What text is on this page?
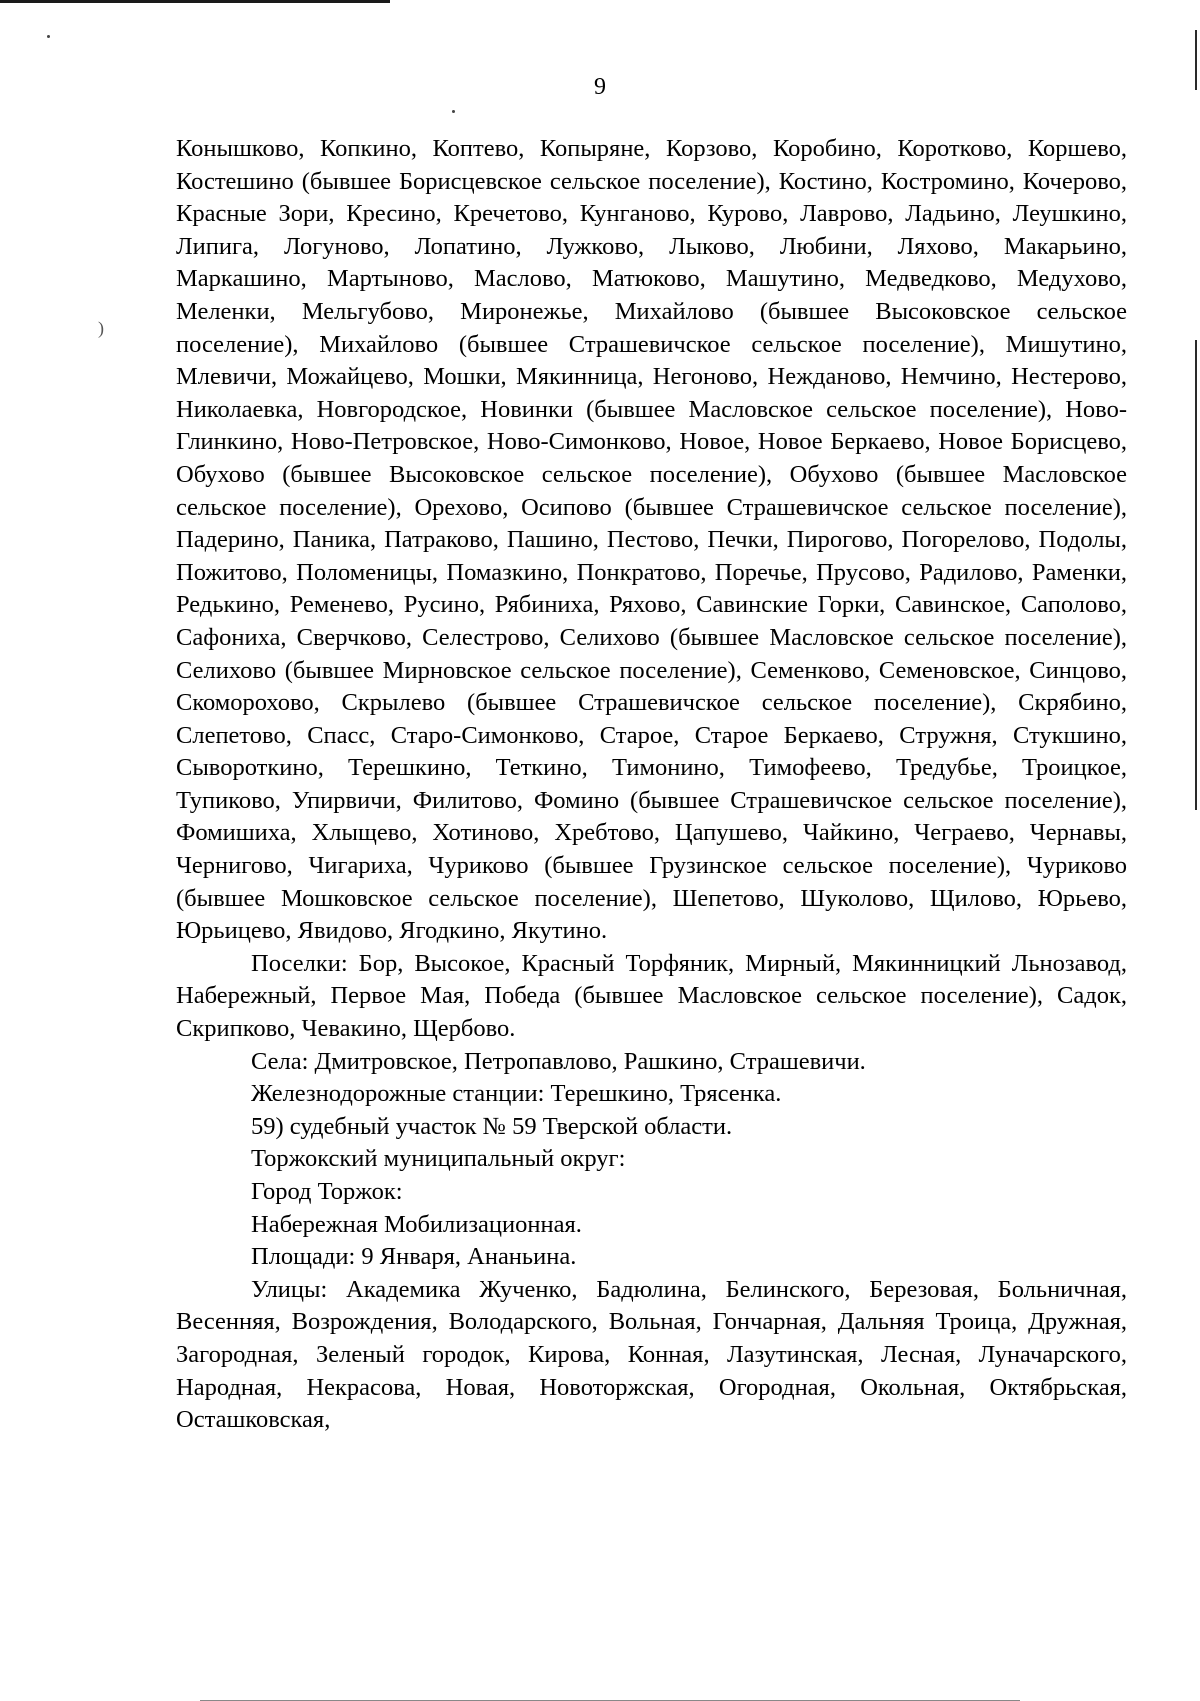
)
9

Конышково, Копкино, Коптево, Копыряне, Корзово, Коробино, Коротково, Коршево, Костешино (бывшее Борисцевское сельское поселение), Костино, Костромино, Кочерово, Красные Зори, Кресино, Кречетово, Кунганово, Курово, Лаврово, Ладьино, Леушкино, Липига, Логуново, Лопатино, Лужково, Лыково, Любини, Ляхово, Макарьино, Маркашино, Мартыново, Маслово, Матюково, Машутино, Медведково, Медухово, Меленки, Мельгубово, Миронежье, Михайлово (бывшее Высоковское сельское поселение), Михайлово (бывшее Страшевичское сельское поселение), Мишутино, Млевичи, Можайцево, Мошки, Мякинница, Негоново, Нежданово, Немчино, Нестерово, Николаевка, Новгородское, Новинки (бывшее Масловское сельское поселение), Ново-Глинкино, Ново-Петровское, Ново-Симонково, Новое, Новое Беркаево, Новое Борисцево, Обухово (бывшее Высоковское сельское поселение), Обухово (бывшее Масловское сельское поселение), Орехово, Осипово (бывшее Страшевичское сельское поселение), Падерино, Паника, Патраково, Пашино, Пестово, Печки, Пирогово, Погорелово, Подолы, Пожитово, Поломеницы, Помазкино, Понкратово, Поречье, Прусово, Радилово, Раменки, Редькино, Ременево, Русино, Рябиниха, Ряхово, Савинские Горки, Савинское, Саполово, Сафониха, Сверчково, Селестрово, Селихово (бывшее Масловское сельское поселение), Селихово (бывшее Мирновское сельское поселение), Семенково, Семеновское, Синцово, Скоморохово, Скрылево (бывшее Страшевичское сельское поселение), Скрябино, Слепетово, Спасс, Старо-Симонково, Старое, Старое Беркаево, Стружня, Стукшино, Сывороткино, Терешкино, Теткино, Тимонино, Тимофеево, Тредубье, Троицкое, Тупиково, Упирвичи, Филитово, Фомино (бывшее Страшевичское сельское поселение), Фомишиха, Хлыщево, Хотиново, Хребтово, Цапушево, Чайкино, Чеграево, Чернавы, Чернигово, Чигариха, Чуриково (бывшее Грузинское сельское поселение), Чуриково (бывшее Мошковское сельское поселение), Шепетово, Шуколово, Щилово, Юрьево, Юрьицево, Явидово, Ягодкино, Якутино.

Поселки: Бор, Высокое, Красный Торфяник, Мирный, Мякинницкий Льнозавод, Набережный, Первое Мая, Победа (бывшее Масловское сельское поселение), Садок, Скрипково, Чевакино, Щербово.

Села: Дмитровское, Петропавлово, Рашкино, Страшевичи.

Железнодорожные станции: Терешкино, Трясенка.

59) судебный участок № 59 Тверской области.

Торжокский муниципальный округ:

Город Торжок:

Набережная Мобилизационная.

Площади: 9 Января, Ананьина.

Улицы: Академика Жученко, Бадюлина, Белинского, Березовая, Больничная, Весенняя, Возрождения, Володарского, Вольная, Гончарная, Дальняя Троица, Дружная, Загородная, Зеленый городок, Кирова, Конная, Лазутинская, Лесная, Луначарского, Народная, Некрасова, Новая, Новоторжская, Огородная, Окольная, Октябрьская, Осташковская,
